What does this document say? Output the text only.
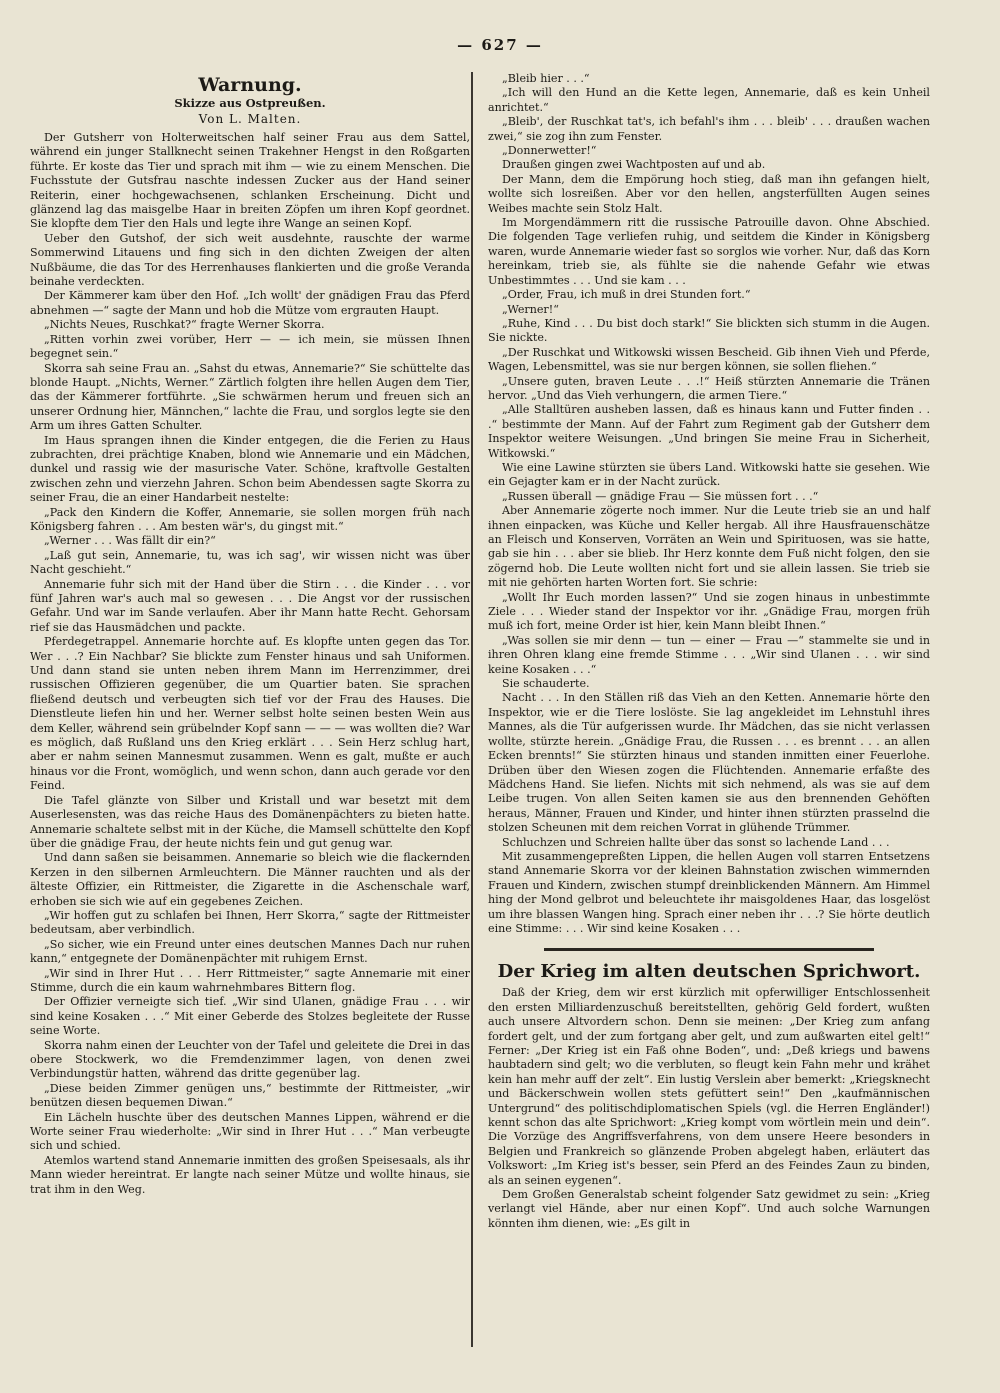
— 627 —
Warnung.
Skizze aus Ostpreußen.
Von L. Malten.

Der Gutsherr von Holterweitschen half seiner Frau aus dem Sattel, während ein junger Stallknecht seinen Trakehner Hengst in den Roßgarten führte. Er koste das Tier und sprach mit ihm — wie zu einem Menschen. Die Fuchsstute der Gutsfrau naschte indessen Zucker aus der Hand seiner Reiterin, einer hochgewachsenen, schlanken Erscheinung. Dicht und glänzend lag das maisgelbe Haar in breiten Zöpfen um ihren Kopf geordnet. Sie klopfte dem Tier den Hals und legte ihre Wange an seinen Kopf.

Ueber den Gutshof, der sich weit ausdehnte, rauschte der warme Sommerwind Litauens und fing sich in den dichten Zweigen der alten Nußbäume, die das Tor des Herrenhauses flankierten und die große Veranda beinahe verdeckten.

Der Kämmerer kam über den Hof. „Ich wollt' der gnädigen Frau das Pferd abnehmen —“ sagte der Mann und hob die Mütze vom ergrauten Haupt.

„Nichts Neues, Ruschkat?“ fragte Werner Skorra.

„Ritten vorhin zwei vorüber, Herr — — ich mein, sie müssen Ihnen begegnet sein.“

Skorra sah seine Frau an. „Sahst du etwas, Annemarie?“ Sie schüttelte das blonde Haupt. „Nichts, Werner.“ Zärtlich folgten ihre hellen Augen dem Tier, das der Kämmerer fortführte. „Sie schwärmen herum und freuen sich an unserer Ordnung hier, Männchen,“ lachte die Frau, und sorglos legte sie den Arm um ihres Gatten Schulter.

Im Haus sprangen ihnen die Kinder entgegen, die die Ferien zu Haus zubrachten, drei prächtige Knaben, blond wie Annemarie und ein Mädchen, dunkel und rassig wie der masurische Vater. Schöne, kraftvolle Gestalten zwischen zehn und vierzehn Jahren. Schon beim Abendessen sagte Skorra zu seiner Frau, die an einer Handarbeit nestelte:

„Pack den Kindern die Koffer, Annemarie, sie sollen morgen früh nach Königsberg fahren . . . Am besten wär's, du gingst mit.“

„Werner . . . Was fällt dir ein?“

„Laß gut sein, Annemarie, tu, was ich sag', wir wissen nicht was über Nacht geschieht.“

Annemarie fuhr sich mit der Hand über die Stirn . . . die Kinder . . . vor fünf Jahren war's auch mal so gewesen . . . Die Angst vor der russischen Gefahr. Und war im Sande verlaufen. Aber ihr Mann hatte Recht. Gehorsam rief sie das Hausmädchen und packte.

Pferdegetrappel. Annemarie horchte auf. Es klopfte unten gegen das Tor. Wer . . .? Ein Nachbar? Sie blickte zum Fenster hinaus und sah Uniformen. Und dann stand sie unten neben ihrem Mann im Herrenzimmer, drei russischen Offizieren gegenüber, die um Quartier baten. Sie sprachen fließend deutsch und verbeugten sich tief vor der Frau des Hauses. Die Dienstleute liefen hin und her. Werner selbst holte seinen besten Wein aus dem Keller, während sein grübelnder Kopf sann — — — was wollten die? War es möglich, daß Rußland uns den Krieg erklärt . . . Sein Herz schlug hart, aber er nahm seinen Mannesmut zusammen. Wenn es galt, mußte er auch hinaus vor die Front, womöglich, und wenn schon, dann auch gerade vor den Feind.

Die Tafel glänzte von Silber und Kristall und war besetzt mit dem Auserlesensten, was das reiche Haus des Domänenpächters zu bieten hatte. Annemarie schaltete selbst mit in der Küche, die Mamsell schüttelte den Kopf über die gnädige Frau, der heute nichts fein und gut genug war.

Und dann saßen sie beisammen. Annemarie so bleich wie die flackernden Kerzen in den silbernen Armleuchtern. Die Männer rauchten und als der älteste Offizier, ein Rittmeister, die Zigarette in die Aschenschale warf, erhoben sie sich wie auf ein gegebenes Zeichen.

„Wir hoffen gut zu schlafen bei Ihnen, Herr Skorra,“ sagte der Rittmeister bedeutsam, aber verbindlich.

„So sicher, wie ein Freund unter eines deutschen Mannes Dach nur ruhen kann,“ entgegnete der Domänenpächter mit ruhigem Ernst.

„Wir sind in Ihrer Hut . . . Herr Rittmeister,“ sagte Annemarie mit einer Stimme, durch die ein kaum wahrnehmbares Bittern flog.

Der Offizier verneigte sich tief. „Wir sind Ulanen, gnädige Frau . . . wir sind keine Kosaken . . .“ Mit einer Geberde des Stolzes begleitete der Russe seine Worte.

Skorra nahm einen der Leuchter von der Tafel und geleitete die Drei in das obere Stockwerk, wo die Fremdenzimmer lagen, von denen zwei Verbindungstür hatten, während das dritte gegenüber lag.

„Diese beiden Zimmer genügen uns,“ bestimmte der Rittmeister, „wir benützen diesen bequemen Diwan.“

Ein Lächeln huschte über des deutschen Mannes Lippen, während er die Worte seiner Frau wiederholte: „Wir sind in Ihrer Hut . . .“ Man verbeugte sich und schied.

Atemlos wartend stand Annemarie inmitten des großen Speisesaals, als ihr Mann wieder hereintrat. Er langte nach seiner Mütze und wollte hinaus, sie trat ihm in den Weg.

„Bleib hier . . .“

„Ich will den Hund an die Kette legen, Annemarie, daß es kein Unheil anrichtet.“

„Bleib', der Ruschkat tat's, ich befahl's ihm . . . bleib' . . . draußen wachen zwei,“ sie zog ihn zum Fenster.

„Donnerwetter!“

Draußen gingen zwei Wachtposten auf und ab.

Der Mann, dem die Empörung hoch stieg, daß man ihn gefangen hielt, wollte sich losreißen. Aber vor den hellen, angsterfüllten Augen seines Weibes machte sein Stolz Halt.

Im Morgendämmern ritt die russische Patrouille davon. Ohne Abschied. Die folgenden Tage verliefen ruhig, und seitdem die Kinder in Königsberg waren, wurde Annemarie wieder fast so sorglos wie vorher. Nur, daß das Korn hereinkam, trieb sie, als fühlte sie die nahende Gefahr wie etwas Unbestimmtes . . . Und sie kam . . .

„Order, Frau, ich muß in drei Stunden fort.“

„Werner!“

„Ruhe, Kind . . . Du bist doch stark!“ Sie blickten sich stumm in die Augen. Sie nickte.

„Der Ruschkat und Witkowski wissen Bescheid. Gib ihnen Vieh und Pferde, Wagen, Lebensmittel, was sie nur bergen können, sie sollen fliehen.“

„Unsere guten, braven Leute . . .!“ Heiß stürzten Annemarie die Tränen hervor. „Und das Vieh verhungern, die armen Tiere.“

„Alle Stalltüren ausheben lassen, daß es hinaus kann und Futter finden . . .“ bestimmte der Mann. Auf der Fahrt zum Regiment gab der Gutsherr dem Inspektor weitere Weisungen. „Und bringen Sie meine Frau in Sicherheit, Witkowski.“

Wie eine Lawine stürzten sie übers Land. Witkowski hatte sie gesehen. Wie ein Gejagter kam er in der Nacht zurück.

„Russen überall — gnädige Frau — Sie müssen fort . . .“

Aber Annemarie zögerte noch immer. Nur die Leute trieb sie an und half ihnen einpacken, was Küche und Keller hergab. All ihre Hausfrauenschätze an Fleisch und Konserven, Vorräten an Wein und Spirituosen, was sie hatte, gab sie hin . . . aber sie blieb. Ihr Herz konnte dem Fuß nicht folgen, den sie zögernd hob. Die Leute wollten nicht fort und sie allein lassen. Sie trieb sie mit nie gehörten harten Worten fort. Sie schrie:

„Wollt Ihr Euch morden lassen?“ Und sie zogen hinaus in unbestimmte Ziele . . . Wieder stand der Inspektor vor ihr. „Gnädige Frau, morgen früh muß ich fort, meine Order ist hier, kein Mann bleibt Ihnen.“

„Was sollen sie mir denn — tun — einer — Frau —“ stammelte sie und in ihren Ohren klang eine fremde Stimme . . . „Wir sind Ulanen . . . wir sind keine Kosaken . . .“

Sie schauderte.

Nacht . . . In den Ställen riß das Vieh an den Ketten. Annemarie hörte den Inspektor, wie er die Tiere loslöste. Sie lag angekleidet im Lehnstuhl ihres Mannes, als die Tür aufgerissen wurde. Ihr Mädchen, das sie nicht verlassen wollte, stürzte herein. „Gnädige Frau, die Russen . . . es brennt . . . an allen Ecken brennts!“ Sie stürzten hinaus und standen inmitten einer Feuerlohe. Drüben über den Wiesen zogen die Flüchtenden. Annemarie erfaßte des Mädchens Hand. Sie liefen. Nichts mit sich nehmend, als was sie auf dem Leibe trugen. Von allen Seiten kamen sie aus den brennenden Gehöften heraus, Männer, Frauen und Kinder, und hinter ihnen stürzten prasselnd die stolzen Scheunen mit dem reichen Vorrat in glühende Trümmer.

Schluchzen und Schreien hallte über das sonst so lachende Land . . .

Mit zusammengepreßten Lippen, die hellen Augen voll starren Entsetzens stand Annemarie Skorra vor der kleinen Bahnstation zwischen wimmernden Frauen und Kindern, zwischen stumpf dreinblickenden Männern. Am Himmel hing der Mond gelbrot und beleuchtete ihr maisgoldenes Haar, das losgelöst um ihre blassen Wangen hing. Sprach einer neben ihr . . .? Sie hörte deutlich eine Stimme: . . . Wir sind keine Kosaken . . .

Der Krieg im alten deutschen Sprichwort.

Daß der Krieg, dem wir erst kürzlich mit opferwilliger Entschlossenheit den ersten Milliardenzuschuß bereitstellten, gehörig Geld fordert, wußten auch unsere Altvordern schon. Denn sie meinen: „Der Krieg zum anfang fordert gelt, und der zum fortgang aber gelt, und zum außwarten eitel gelt!“ Ferner: „Der Krieg ist ein Faß ohne Boden“, und: „Deß kriegs und bawens haubtadern sind gelt; wo die verbluten, so fleugt kein Fahn mehr und krähet kein han mehr auff der zelt“. Ein lustig Verslein aber bemerkt: „Kriegsknecht und Bäckerschwein wollen stets gefüttert sein!“ Den „kaufmännischen Untergrund“ des politischdiplomatischen Spiels (vgl. die Herren Engländer!) kennt schon das alte Sprichwort: „Krieg kompt vom wörtlein mein und dein“. Die Vorzüge des Angriffsverfahrens, von dem unsere Heere besonders in Belgien und Frankreich so glänzende Proben abgelegt haben, erläutert das Volkswort: „Im Krieg ist's besser, sein Pferd an des Feindes Zaun zu binden, als an seinen eygenen“.

Dem Großen Generalstab scheint folgender Satz gewidmet zu sein: „Krieg verlangt viel Hände, aber nur einen Kopf“. Und auch solche Warnungen könnten ihm dienen, wie: „Es gilt in
